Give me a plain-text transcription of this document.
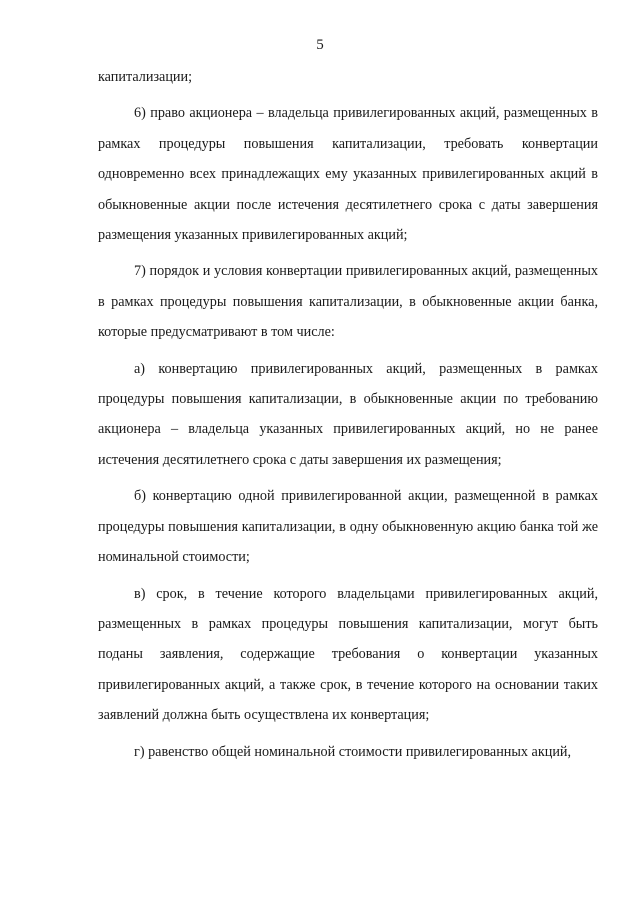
5

капитализации;

6) право акционера – владельца привилегированных акций, размещенных в рамках процедуры повышения капитализации, требовать конвертации одновременно всех принадлежащих ему указанных привилегированных акций в обыкновенные акции после истечения десятилетнего срока с даты завершения размещения указанных привилегированных акций;

7) порядок и условия конвертации привилегированных акций, размещенных в рамках процедуры повышения капитализации, в обыкновенные акции банка, которые предусматривают в том числе:

а) конвертацию привилегированных акций, размещенных в рамках процедуры повышения капитализации, в обыкновенные акции по требованию акционера – владельца указанных привилегированных акций, но не ранее истечения десятилетнего срока с даты завершения их размещения;

б) конвертацию одной привилегированной акции, размещенной в рамках процедуры повышения капитализации, в одну обыкновенную акцию банка той же номинальной стоимости;

в) срок, в течение которого владельцами привилегированных акций, размещенных в рамках процедуры повышения капитализации, могут быть поданы заявления, содержащие требования о конвертации указанных привилегированных акций, а также срок, в течение которого на основании таких заявлений должна быть осуществлена их конвертация;

г) равенство общей номинальной стоимости привилегированных акций,
